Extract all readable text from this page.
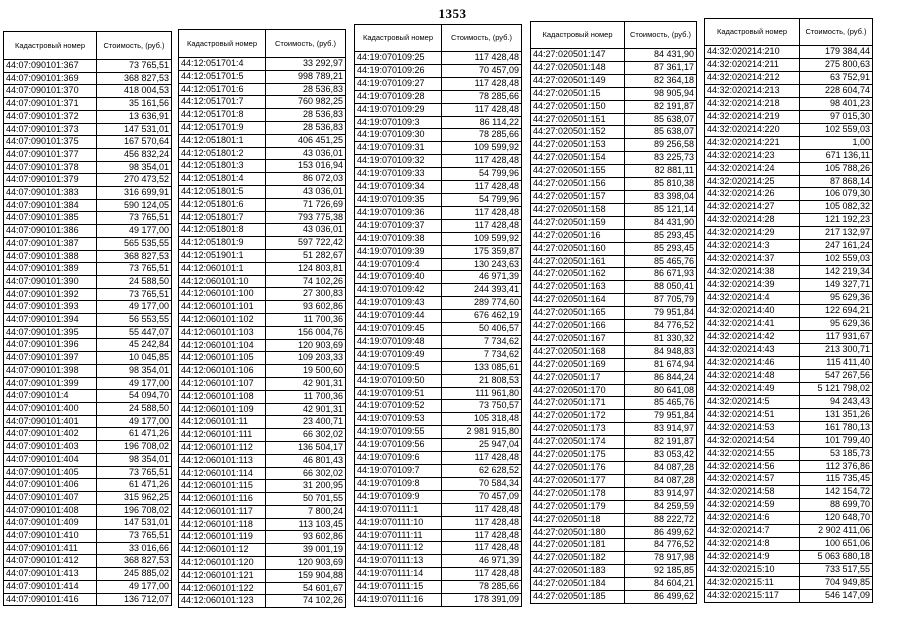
1353
Кадастровый номер	Стоимость, (руб.)
44:07:090101:367	73 765,51
44:07:090101:369	368 827,53
44:07:090101:370	418 004,53
44:07:090101:371	35 161,56
44:07:090101:372	13 636,91
44:07:090101:373	147 531,01
44:07:090101:375	167 570,64
44:07:090101:377	456 832,24
44:07:090101:378	98 354,01
44:07:090101:379	270 473,52
44:07:090101:383	316 699,91
44:07:090101:384	590 124,05
44:07:090101:385	73 765,51
44:07:090101:386	49 177,00
44:07:090101:387	565 535,55
44:07:090101:388	368 827,53
44:07:090101:389	73 765,51
44:07:090101:390	24 588,50
44:07:090101:392	73 765,51
44:07:090101:393	49 177,00
44:07:090101:394	56 553,55
44:07:090101:395	55 447,07
44:07:090101:396	45 242,84
44:07:090101:397	10 045,85
44:07:090101:398	98 354,01
44:07:090101:399	49 177,00
44:07:090101:4	54 094,70
44:07:090101:400	24 588,50
44:07:090101:401	49 177,00
44:07:090101:402	61 471,26
44:07:090101:403	196 708,02
44:07:090101:404	98 354,01
44:07:090101:405	73 765,51
44:07:090101:406	61 471,26
44:07:090101:407	315 962,25
44:07:090101:408	196 708,02
44:07:090101:409	147 531,01
44:07:090101:410	73 765,51
44:07:090101:411	33 016,66
44:07:090101:412	368 827,53
44:07:090101:413	245 885,02
44:07:090101:414	49 177,00
44:07:090101:416	136 712,07
Кадастровый номер	Стоимость, (руб.)
44:12:051701:4	33 292,97
44:12:051701:5	998 789,21
44:12:051701:6	28 536,83
44:12:051701:7	760 982,25
44:12:051701:8	28 536,83
44:12:051701:9	28 536,83
44:12:051801:1	406 451,25
44:12:051801:2	43 036,01
44:12:051801:3	153 016,94
44:12:051801:4	86 072,03
44:12:051801:5	43 036,01
44:12:051801:6	71 726,69
44:12:051801:7	793 775,38
44:12:051801:8	43 036,01
44:12:051801:9	597 722,42
44:12:051901:1	51 282,67
44:12:060101:1	124 803,81
44:12:060101:10	74 102,26
44:12:060101:100	27 300,83
44:12:060101:101	93 602,86
44:12:060101:102	11 700,36
44:12:060101:103	156 004,76
44:12:060101:104	120 903,69
44:12:060101:105	109 203,33
44:12:060101:106	19 500,60
44:12:060101:107	42 901,31
44:12:060101:108	11 700,36
44:12:060101:109	42 901,31
44:12:060101:11	23 400,71
44:12:060101:111	66 302,02
44:12:060101:112	136 504,17
44:12:060101:113	46 801,43
44:12:060101:114	66 302,02
44:12:060101:115	31 200,95
44:12:060101:116	50 701,55
44:12:060101:117	7 800,24
44:12:060101:118	113 103,45
44:12:060101:119	93 602,86
44:12:060101:12	39 001,19
44:12:060101:120	120 903,69
44:12:060101:121	159 904,88
44:12:060101:122	54 601,67
44:12:060101:123	74 102,26
Кадастровый номер	Стоимость, (руб.)
44:19:070109:25	117 428,48
44:19:070109:26	70 457,09
44:19:070109:27	117 428,48
44:19:070109:28	78 285,66
44:19:070109:29	117 428,48
44:19:070109:3	86 114,22
44:19:070109:30	78 285,66
44:19:070109:31	109 599,92
44:19:070109:32	117 428,48
44:19:070109:33	54 799,96
44:19:070109:34	117 428,48
44:19:070109:35	54 799,96
44:19:070109:36	117 428,48
44:19:070109:37	117 428,48
44:19:070109:38	109 599,92
44:19:070109:39	175 359,87
44:19:070109:4	130 243,63
44:19:070109:40	46 971,39
44:19:070109:42	244 393,41
44:19:070109:43	289 774,60
44:19:070109:44	676 462,19
44:19:070109:45	50 406,57
44:19:070109:48	7 734,62
44:19:070109:49	7 734,62
44:19:070109:5	133 085,61
44:19:070109:50	21 808,53
44:19:070109:51	111 961,80
44:19:070109:52	73 750,57
44:19:070109:53	105 318,48
44:19:070109:55	2 981 915,80
44:19:070109:56	25 947,04
44:19:070109:6	117 428,48
44:19:070109:7	62 628,52
44:19:070109:8	70 584,34
44:19:070109:9	70 457,09
44:19:070111:1	117 428,48
44:19:070111:10	117 428,48
44:19:070111:11	117 428,48
44:19:070111:12	117 428,48
44:19:070111:13	46 971,39
44:19:070111:14	117 428,48
44:19:070111:15	78 285,66
44:19:070111:16	178 391,09
Кадастровый номер	Стоимость, (руб.)
44:27:020501:147	84 431,90
44:27:020501:148	87 361,17
44:27:020501:149	82 364,18
44:27:020501:15	98 905,94
44:27:020501:150	82 191,87
44:27:020501:151	85 638,07
44:27:020501:152	85 638,07
44:27:020501:153	89 256,58
44:27:020501:154	83 225,73
44:27:020501:155	82 881,11
44:27:020501:156	85 810,38
44:27:020501:157	83 398,04
44:27:020501:158	85 121,14
44:27:020501:159	84 431,90
44:27:020501:16	85 293,45
44:27:020501:160	85 293,45
44:27:020501:161	85 465,76
44:27:020501:162	86 671,93
44:27:020501:163	88 050,41
44:27:020501:164	87 705,79
44:27:020501:165	79 951,84
44:27:020501:166	84 776,52
44:27:020501:167	81 330,32
44:27:020501:168	84 948,83
44:27:020501:169	81 674,94
44:27:020501:17	86 844,24
44:27:020501:170	80 641,08
44:27:020501:171	85 465,76
44:27:020501:172	79 951,84
44:27:020501:173	83 914,97
44:27:020501:174	82 191,87
44:27:020501:175	83 053,42
44:27:020501:176	84 087,28
44:27:020501:177	84 087,28
44:27:020501:178	83 914,97
44:27:020501:179	84 259,59
44:27:020501:18	88 222,72
44:27:020501:180	86 499,62
44:27:020501:181	84 776,52
44:27:020501:182	78 917,98
44:27:020501:183	92 185,85
44:27:020501:184	84 604,21
44:27:020501:185	86 499,62
Кадастровый номер	Стоимость, (руб.)
44:32:020214:210	179 384,44
44:32:020214:211	275 800,63
44:32:020214:212	63 752,91
44:32:020214:213	228 604,74
44:32:020214:218	98 401,23
44:32:020214:219	97 015,30
44:32:020214:220	102 559,03
44:32:020214:221	1,00
44:32:020214:23	671 136,11
44:32:020214:24	105 788,26
44:32:020214:25	87 868,14
44:32:020214:26	106 079,30
44:32:020214:27	105 082,32
44:32:020214:28	121 192,23
44:32:020214:29	217 132,97
44:32:020214:3	247 161,24
44:32:020214:37	102 559,03
44:32:020214:38	142 219,34
44:32:020214:39	149 327,71
44:32:020214:4	95 629,36
44:32:020214:40	122 694,21
44:32:020214:41	95 629,36
44:32:020214:42	117 931,67
44:32:020214:43	213 300,71
44:32:020214:46	115 411,40
44:32:020214:48	547 267,56
44:32:020214:49	5 121 798,02
44:32:020214:5	94 243,43
44:32:020214:51	131 351,26
44:32:020214:53	161 780,13
44:32:020214:54	101 799,40
44:32:020214:55	53 185,73
44:32:020214:56	112 376,86
44:32:020214:57	115 735,45
44:32:020214:58	142 154,72
44:32:020214:59	88 699,70
44:32:020214:6	120 648,70
44:32:020214:7	2 902 411,06
44:32:020214:8	100 651,06
44:32:020214:9	5 063 680,18
44:32:020215:10	733 517,55
44:32:020215:11	704 949,85
44:32:020215:117	546 147,09
